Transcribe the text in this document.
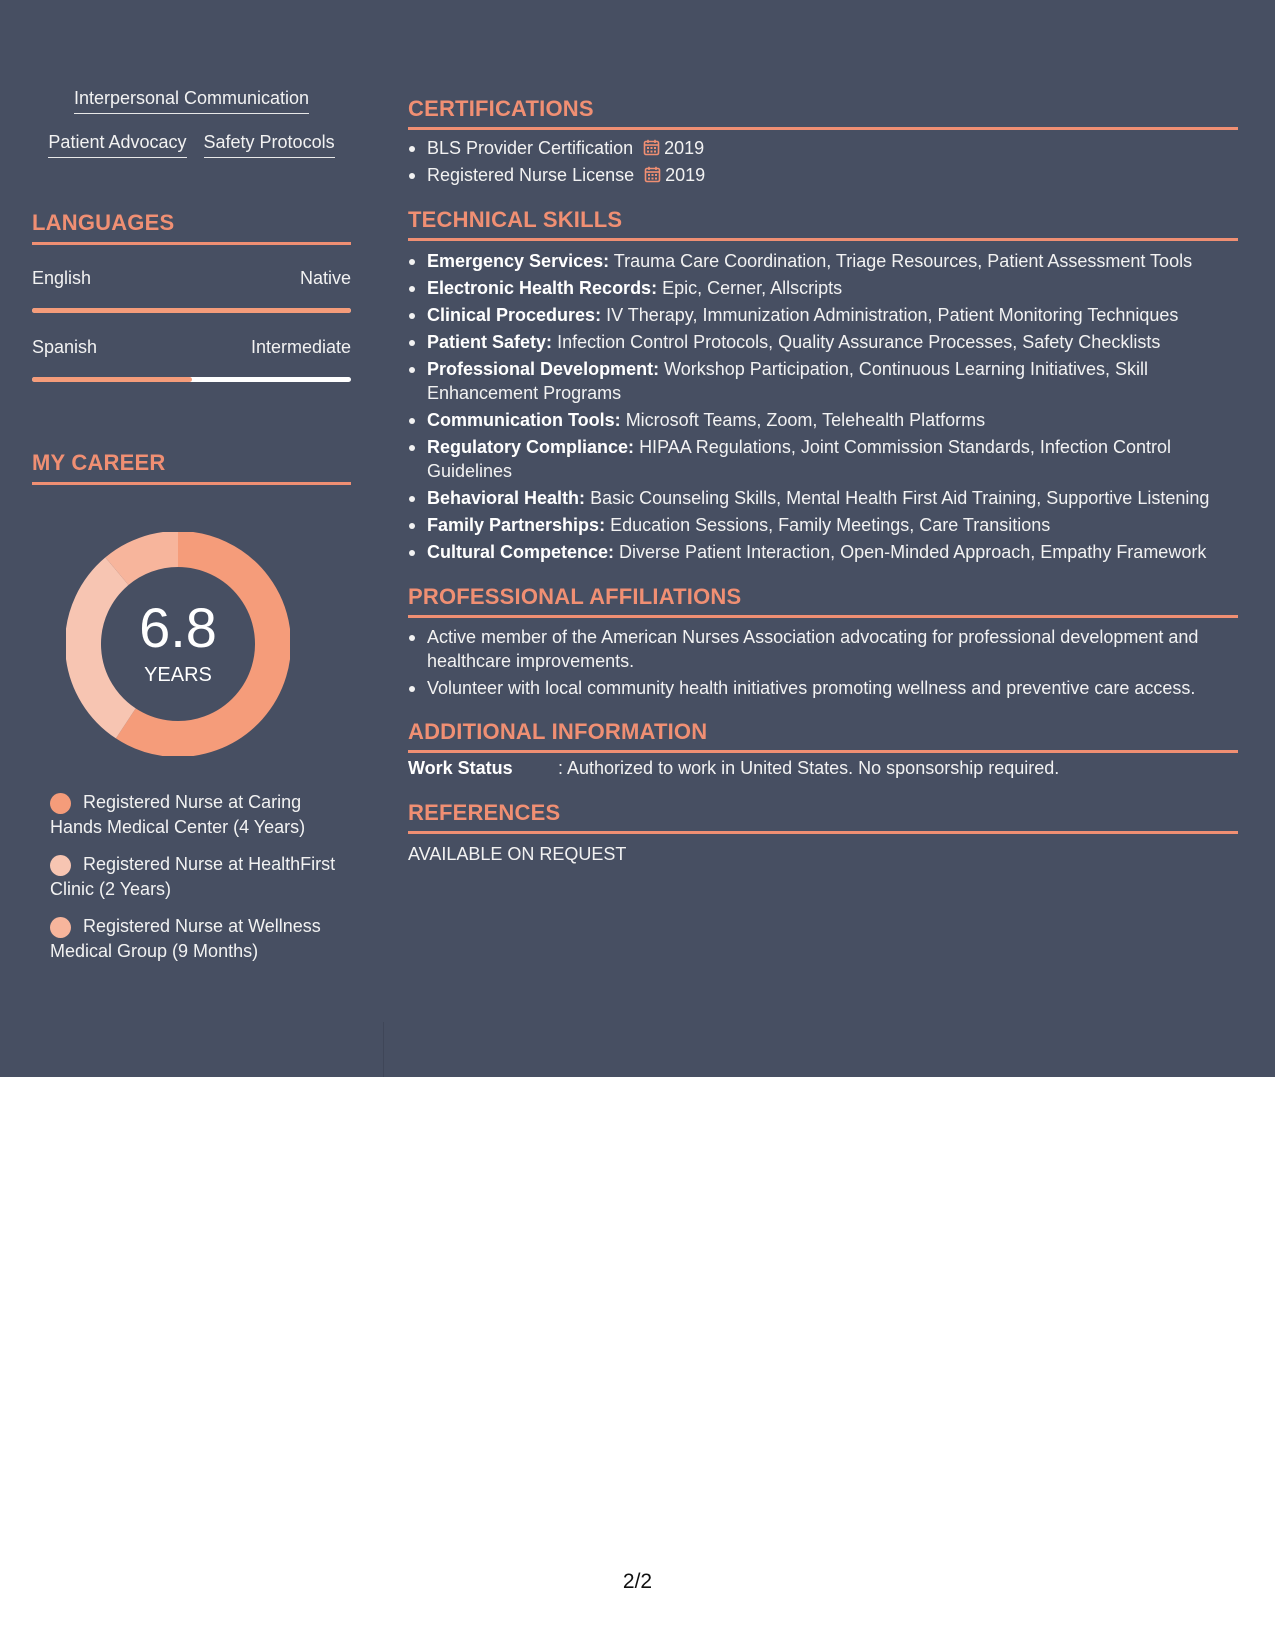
Interpersonal Communication
Patient Advocacy Safety Protocols
LANGUAGES
English	Native
Spanish	Intermediate
MY CAREER
6.8
YEARS
Registered Nurse at Caring Hands Medical Center (4 Years)
Registered Nurse at HealthFirst Clinic (2 Years)
Registered Nurse at Wellness Medical Group (9 Months)
CERTIFICATIONS
BLS Provider Certification 2019
Registered Nurse License 2019
TECHNICAL SKILLS
Emergency Services: Trauma Care Coordination, Triage Resources, Patient Assessment Tools
Electronic Health Records: Epic, Cerner, Allscripts
Clinical Procedures: IV Therapy, Immunization Administration, Patient Monitoring Techniques
Patient Safety: Infection Control Protocols, Quality Assurance Processes, Safety Checklists
Professional Development: Workshop Participation, Continuous Learning Initiatives, Skill Enhancement Programs
Communication Tools: Microsoft Teams, Zoom, Telehealth Platforms
Regulatory Compliance: HIPAA Regulations, Joint Commission Standards, Infection Control Guidelines
Behavioral Health: Basic Counseling Skills, Mental Health First Aid Training, Supportive Listening
Family Partnerships: Education Sessions, Family Meetings, Care Transitions
Cultural Competence: Diverse Patient Interaction, Open-Minded Approach, Empathy Framework
PROFESSIONAL AFFILIATIONS
Active member of the American Nurses Association advocating for professional development and healthcare improvements.
Volunteer with local community health initiatives promoting wellness and preventive care access.
ADDITIONAL INFORMATION
Work Status	: Authorized to work in United States. No sponsorship required.
REFERENCES
AVAILABLE ON REQUEST
2/2
